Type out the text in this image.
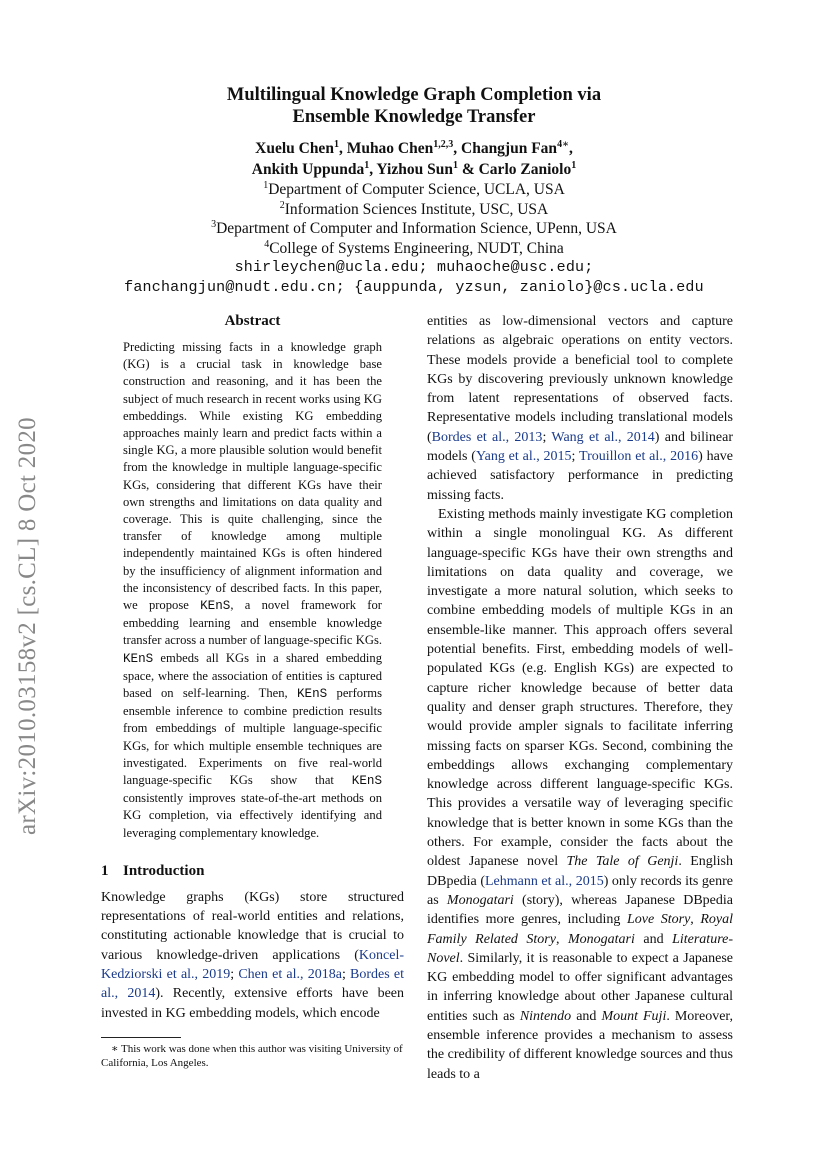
arXiv:2010.03158v2 [cs.CL] 8 Oct 2020
Multilingual Knowledge Graph Completion via
Ensemble Knowledge Transfer
Xuelu Chen$^1$, Muhao Chen$^{1,2,3}$, Changjun Fan$^{4∗}$,
Ankith Uppunda$^1$, Yizhou Sun$^1$ & Carlo Zaniolo$^1$
$^1$Department of Computer Science, UCLA, USA
$^2$Information Sciences Institute, USC, USA
$^3$Department of Computer and Information Science, UPenn, USA
$^4$College of Systems Engineering, NUDT, China
shirleychen@ucla.edu; muhaoche@usc.edu;
fanchangjun@nudt.edu.cn; {auppunda, yzsun, zaniolo}@cs.ucla.edu
Abstract

Predicting missing facts in a knowledge graph (KG) is a crucial task in knowledge base construction and reasoning, and it has been the subject of much research in recent works using KG embeddings. While existing KG embedding approaches mainly learn and predict facts within a single KG, a more plausible solution would benefit from the knowledge in multiple language-specific KGs, considering that different KGs have their own strengths and limitations on data quality and coverage. This is quite challenging, since the transfer of knowledge among multiple independently maintained KGs is often hindered by the insufficiency of alignment information and the inconsistency of described facts. In this paper, we propose KEnS, a novel framework for embedding learning and ensemble knowledge transfer across a number of language-specific KGs. KEnS embeds all KGs in a shared embedding space, where the association of entities is captured based on self-learning. Then, KEnS performs ensemble inference to combine prediction results from embeddings of multiple language-specific KGs, for which multiple ensemble techniques are investigated. Experiments on five real-world language-specific KGs show that KEnS consistently improves state-of-the-art methods on KG completion, via effectively identifying and leveraging complementary knowledge.

1 Introduction

Knowledge graphs (KGs) store structured representations of real-world entities and relations, constituting actionable knowledge that is crucial to various knowledge-driven applications (Koncel-Kedziorski et al., 2019; Chen et al., 2018a; Bordes et al., 2014). Recently, extensive efforts have been invested in KG embedding models, which encode

∗ This work was done when this author was visiting University of California, Los Angeles.

entities as low-dimensional vectors and capture relations as algebraic operations on entity vectors. These models provide a beneficial tool to complete KGs by discovering previously unknown knowledge from latent representations of observed facts. Representative models including translational models (Bordes et al., 2013; Wang et al., 2014) and bilinear models (Yang et al., 2015; Trouillon et al., 2016) have achieved satisfactory performance in predicting missing facts.

Existing methods mainly investigate KG completion within a single monolingual KG. As different language-specific KGs have their own strengths and limitations on data quality and coverage, we investigate a more natural solution, which seeks to combine embedding models of multiple KGs in an ensemble-like manner. This approach offers several potential benefits. First, embedding models of well-populated KGs (e.g. English KGs) are expected to capture richer knowledge because of better data quality and denser graph structures. Therefore, they would provide ampler signals to facilitate inferring missing facts on sparser KGs. Second, combining the embeddings allows exchanging complementary knowledge across different language-specific KGs. This provides a versatile way of leveraging specific knowledge that is better known in some KGs than the others. For example, consider the facts about the oldest Japanese novel The Tale of Genji. English DBpedia (Lehmann et al., 2015) only records its genre as Monogatari (story), whereas Japanese DBpedia identifies more genres, including Love Story, Royal Family Related Story, Monogatari and Literature-Novel. Similarly, it is reasonable to expect a Japanese KG embedding model to offer significant advantages in inferring knowledge about other Japanese cultural entities such as Nintendo and Mount Fuji. Moreover, ensemble inference provides a mechanism to assess the credibility of different knowledge sources and thus leads to a
